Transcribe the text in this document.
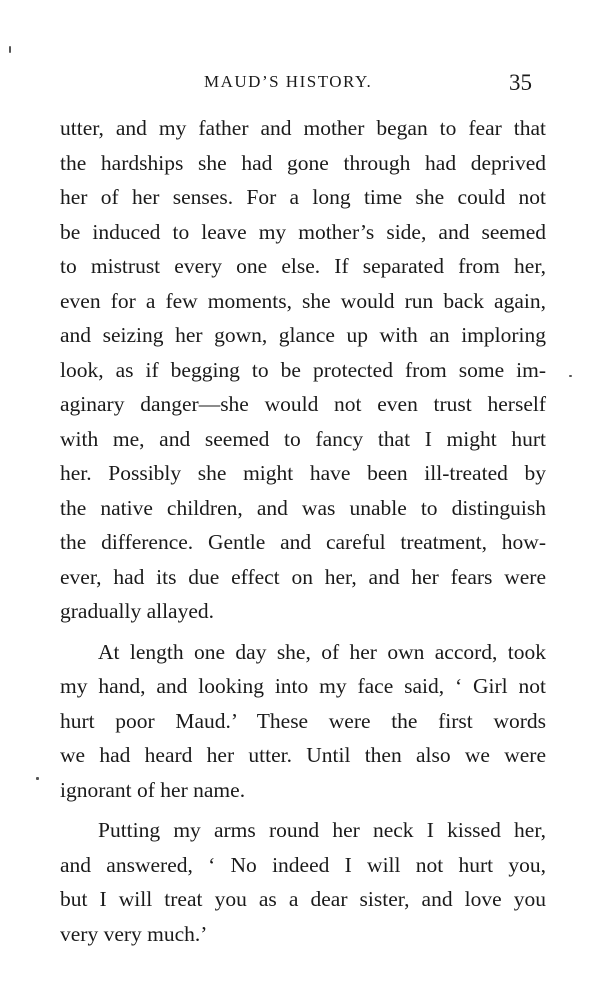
MAUD’S HISTORY.	35
utter, and my father and mother began to fear that
the hardships she had gone through had deprived
her of her senses. For a long time she could not
be induced to leave my mother’s side, and seemed
to mistrust every one else. If separated from her,
even for a few moments, she would run back again,
and seizing her gown, glance up with an imploring
look, as if begging to be protected from some im-
aginary danger—she would not even trust herself
with me, and seemed to fancy that I might hurt
her. Possibly she might have been ill-treated by
the native children, and was unable to distinguish
the difference. Gentle and careful treatment, how-
ever, had its due effect on her, and her fears were
gradually allayed.
At length one day she, of her own accord, took
my hand, and looking into my face said, ‘ Girl not
hurt poor Maud.’ These were the first words
we had heard her utter. Until then also we were
ignorant of her name.
Putting my arms round her neck I kissed her,
and answered, ‘ No indeed I will not hurt you,
but I will treat you as a dear sister, and love you
very very much.’
